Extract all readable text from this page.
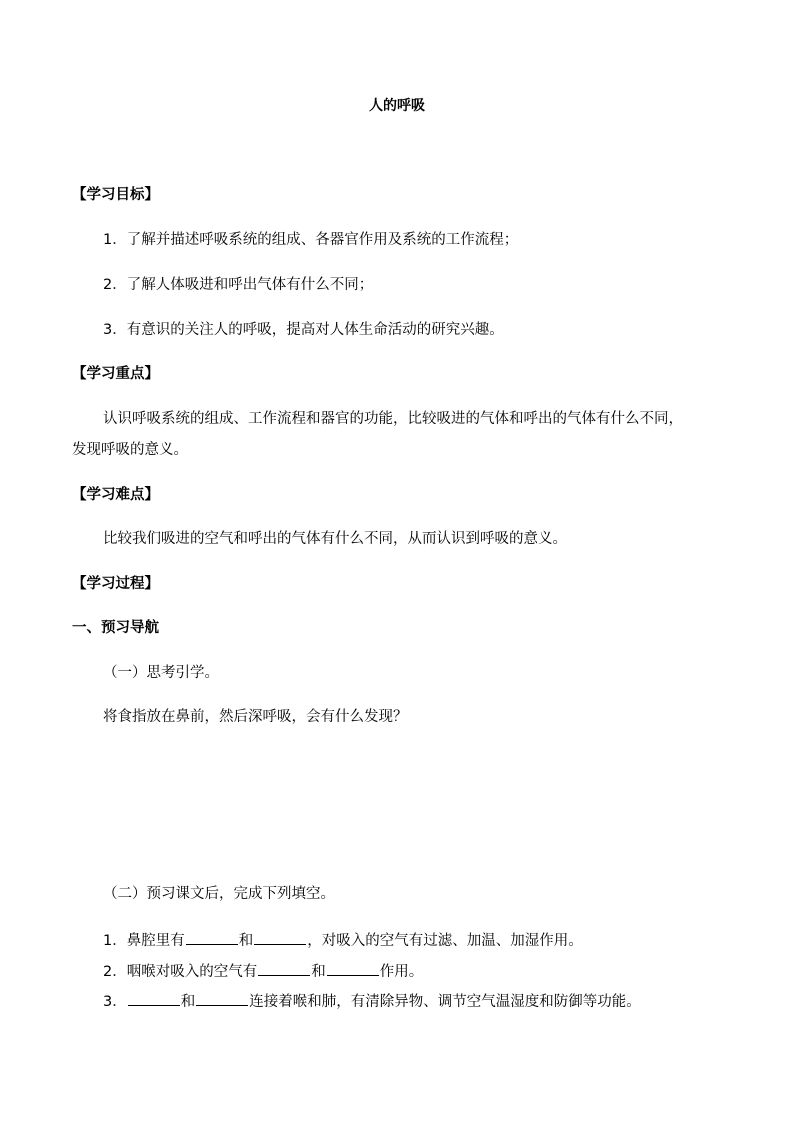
人的呼吸
【学习目标】
1．了解并描述呼吸系统的组成、各器官作用及系统的工作流程；
2．了解人体吸进和呼出气体有什么不同；
3．有意识的关注人的呼吸，提高对人体生命活动的研究兴趣。
【学习重点】
认识呼吸系统的组成、工作流程和器官的功能，比较吸进的气体和呼出的气体有什么不同，
发现呼吸的意义。
【学习难点】
比较我们吸进的空气和呼出的气体有什么不同，从而认识到呼吸的意义。
【学习过程】
一、预习导航
（一）思考引学。
将食指放在鼻前，然后深呼吸，会有什么发现？
（二）预习课文后，完成下列填空。
1．鼻腔里有	和	，对吸入的空气有过滤、加温、加湿作用。
2．咽喉对吸入的空气有	和	作用。
3．	和	连接着喉和肺，有清除异物、调节空气温湿度和防御等功能。
